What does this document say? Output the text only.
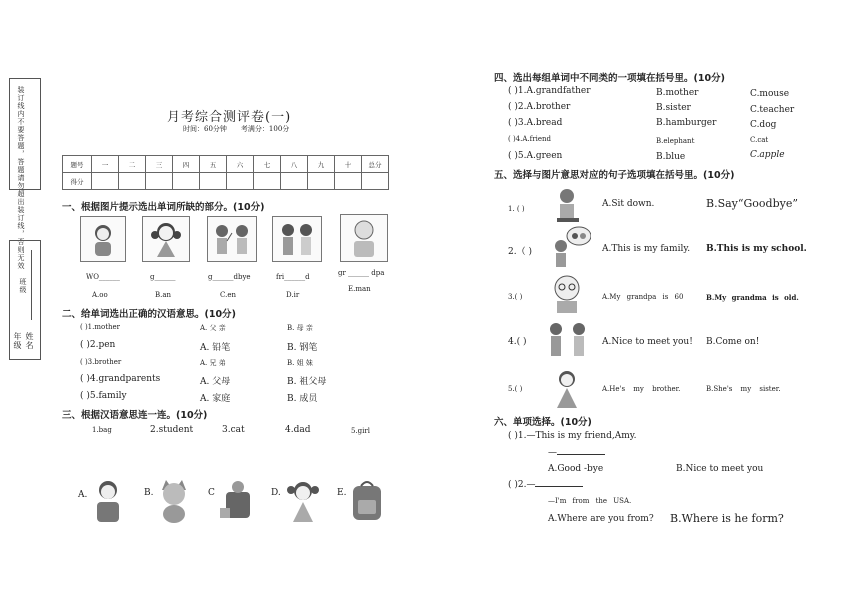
装订线内不要答题，答题请勿超出装订线，否则无效
年级 姓名
班级
月考综合测评卷(一)
时间：60分钟　　考满分：100分
题号	一	二	三	四	五	六	七	八	九	十	总分
得分											
一、根据图片提示选出单词所缺的部分。(10分)
WO______	g______	g______dbye	fri______d	gr ______ dpa
A.oo	B.an	C.en	D.ir
E.man
二、给单词选出正确的汉语意思。(10分)
( )1.mother	A. 父 亲	B. 母 亲
( )2.pen	A. 铅笔	B. 钢笔
( )3.brother	A. 兄 弟	B. 姐 妹
( )4.grandparents	A. 父母	B. 祖父母
( )5.family	A. 家庭	B. 成员
三、根据汉语意思连一连。(10分)
1.bag	2.student	3.cat	4.dad	5.girl
A.	B.	C	D.	E.
四、选出每组单词中不同类的一项填在括号里。(10分)
( )1.A.grandfather	B.mother	C.mouse
( )2.A.brother	B.sister	C.teacher
( )3.A.bread	B.hamburger	C.dog
( )4.A.friend	B.elephant	C.cat
( )5.A.green	B.blue	C.apple
五、选择与图片意思对应的句子选项填在括号里。(10分)
1. ( )	A.Sit down.	B.Say“Goodbye”
2.（ )	A.This is my family. B.This is my school.
3.( )	A.My grandpa is 60	B.My grandma is old.
4.( )	A.Nice to meet you! B.Come on!
5.( )	A.He's my brother.	B.She's my sister.
六、单项选择。(10分)
( )1.—This is my friend,Amy.
—
A.Good -bye	B.Nice to meet you
( )2.—
—I'm from the USA.
A.Where are you from? B.Where is he form?
